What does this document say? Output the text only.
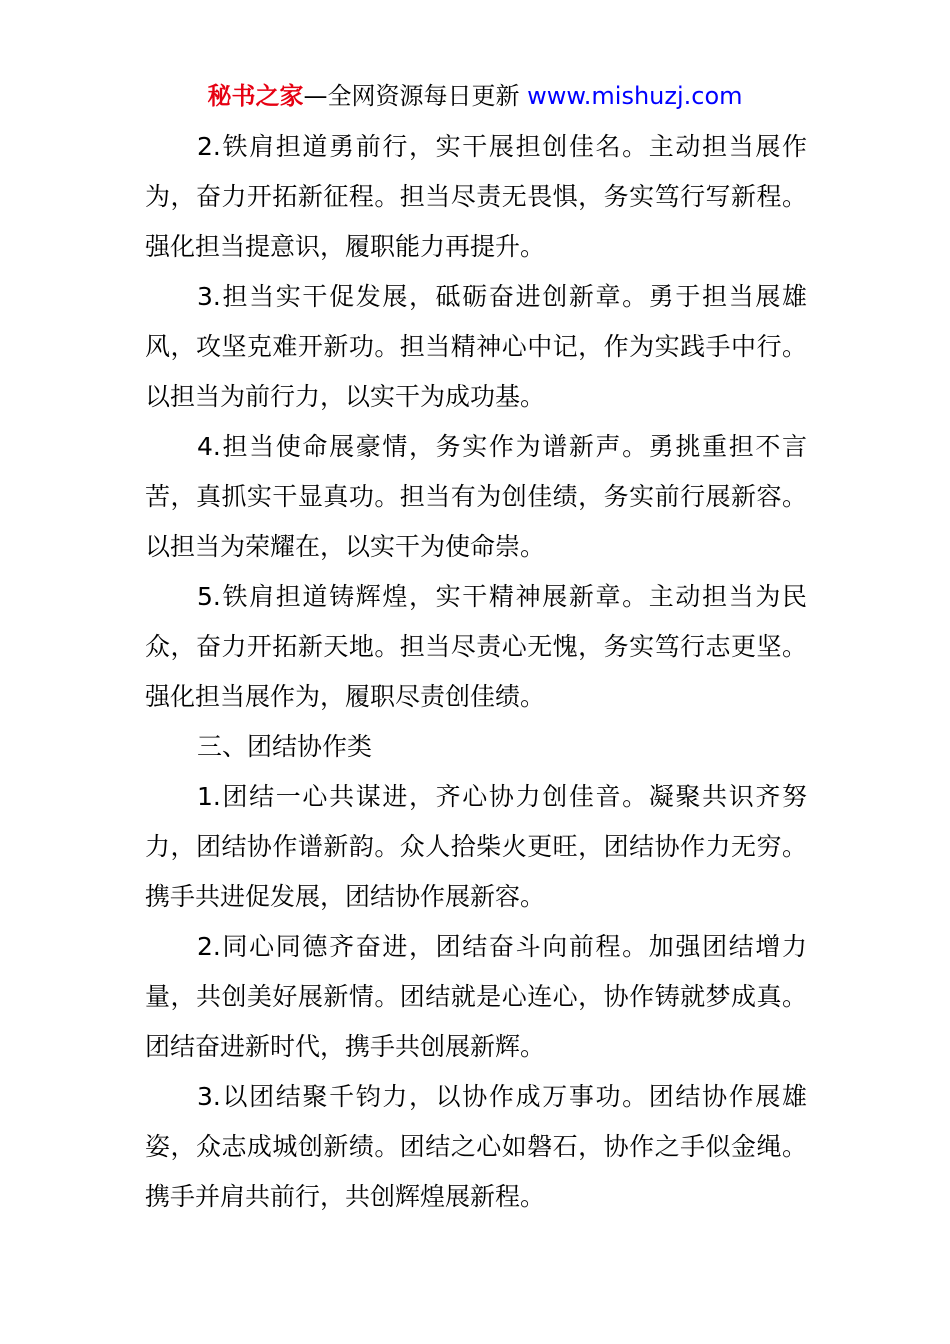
秘书之家—全网资源每日更新 www.mishuzj.com

2.铁肩担道勇前行，实干展担创佳名。主动担当展作为，奋力开拓新征程。担当尽责无畏惧，务实笃行写新程。强化担当提意识，履职能力再提升。

3.担当实干促发展，砥砺奋进创新章。勇于担当展雄风，攻坚克难开新功。担当精神心中记，作为实践手中行。以担当为前行力，以实干为成功基。

4.担当使命展豪情，务实作为谱新声。勇挑重担不言苦，真抓实干显真功。担当有为创佳绩，务实前行展新容。以担当为荣耀在，以实干为使命崇。

5.铁肩担道铸辉煌，实干精神展新章。主动担当为民众，奋力开拓新天地。担当尽责心无愧，务实笃行志更坚。强化担当展作为，履职尽责创佳绩。

三、团结协作类

1.团结一心共谋进，齐心协力创佳音。凝聚共识齐努力，团结协作谱新韵。众人拾柴火更旺，团结协作力无穷。携手共进促发展，团结协作展新容。

2.同心同德齐奋进，团结奋斗向前程。加强团结增力量，共创美好展新情。团结就是心连心，协作铸就梦成真。团结奋进新时代，携手共创展新辉。

3.以团结聚千钧力，以协作成万事功。团结协作展雄姿，众志成城创新绩。团结之心如磐石，协作之手似金绳。携手并肩共前行，共创辉煌展新程。
